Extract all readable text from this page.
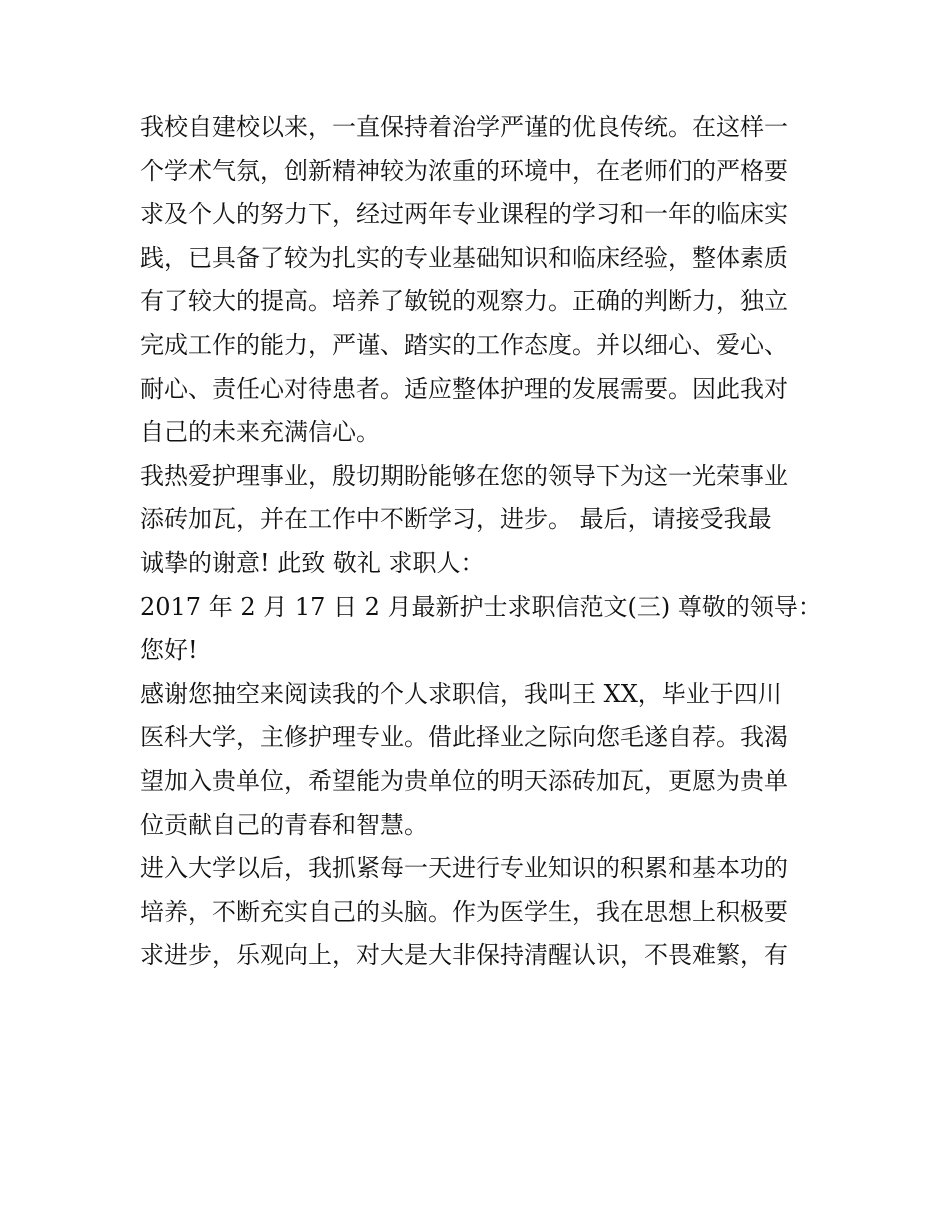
我校自建校以来，一直保持着治学严谨的优良传统。在这样一
个学术气氛，创新精神较为浓重的环境中，在老师们的严格要
求及个人的努力下，经过两年专业课程的学习和一年的临床实
践，已具备了较为扎实的专业基础知识和临床经验，整体素质
有了较大的提高。培养了敏锐的观察力。正确的判断力，独立
完成工作的能力，严谨、踏实的工作态度。并以细心、爱心、
耐心、责任心对待患者。适应整体护理的发展需要。因此我对
自己的未来充满信心。
我热爱护理事业，殷切期盼能够在您的领导下为这一光荣事业
添砖加瓦，并在工作中不断学习，进步。 最后，请接受我最
诚挚的谢意! 此致 敬礼 求职人：
2017 年 2 月 17 日 2 月最新护士求职信范文(三) 尊敬的领导：
您好!
感谢您抽空来阅读我的个人求职信，我叫王 XX，毕业于四川
医科大学，主修护理专业。借此择业之际向您毛遂自荐。我渴
望加入贵单位，希望能为贵单位的明天添砖加瓦，更愿为贵单
位贡献自己的青春和智慧。
进入大学以后，我抓紧每一天进行专业知识的积累和基本功的
培养，不断充实自己的头脑。作为医学生，我在思想上积极要
求进步，乐观向上，对大是大非保持清醒认识，不畏难繁，有
